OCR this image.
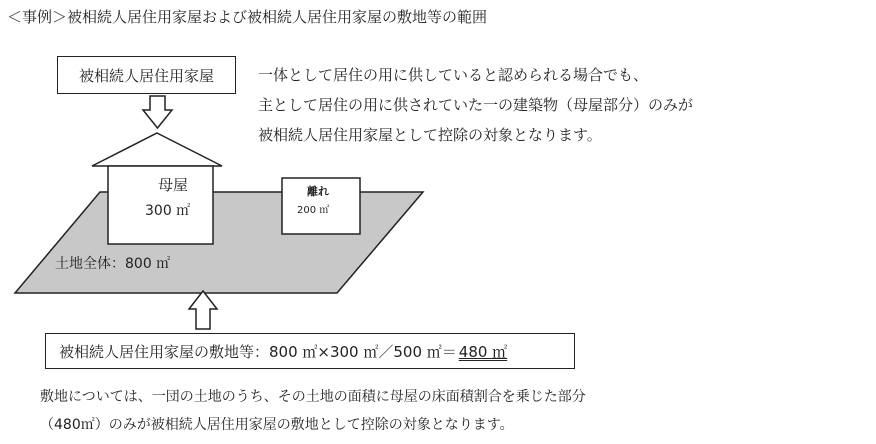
＜事例＞被相続人居住用家屋および被相続人居住用家屋の敷地等の範囲
被相続人居住用家屋	一体として居住の用に供していると認められる場合でも、
主として居住の用に供されていた一の建築物（母屋部分）のみが
被相続人居住用家屋として控除の対象となります。
母屋
300 ㎡
離れ
200 ㎡
土地全体：800 ㎡
被相続人居住用家屋の敷地等：800 ㎡×300 ㎡／500 ㎡＝ 480 ㎡
敷地については、一団の土地のうち、その土地の面積に母屋の床面積割合を乗じた部分
（480㎡）のみが被相続人居住用家屋の敷地として控除の対象となります。
